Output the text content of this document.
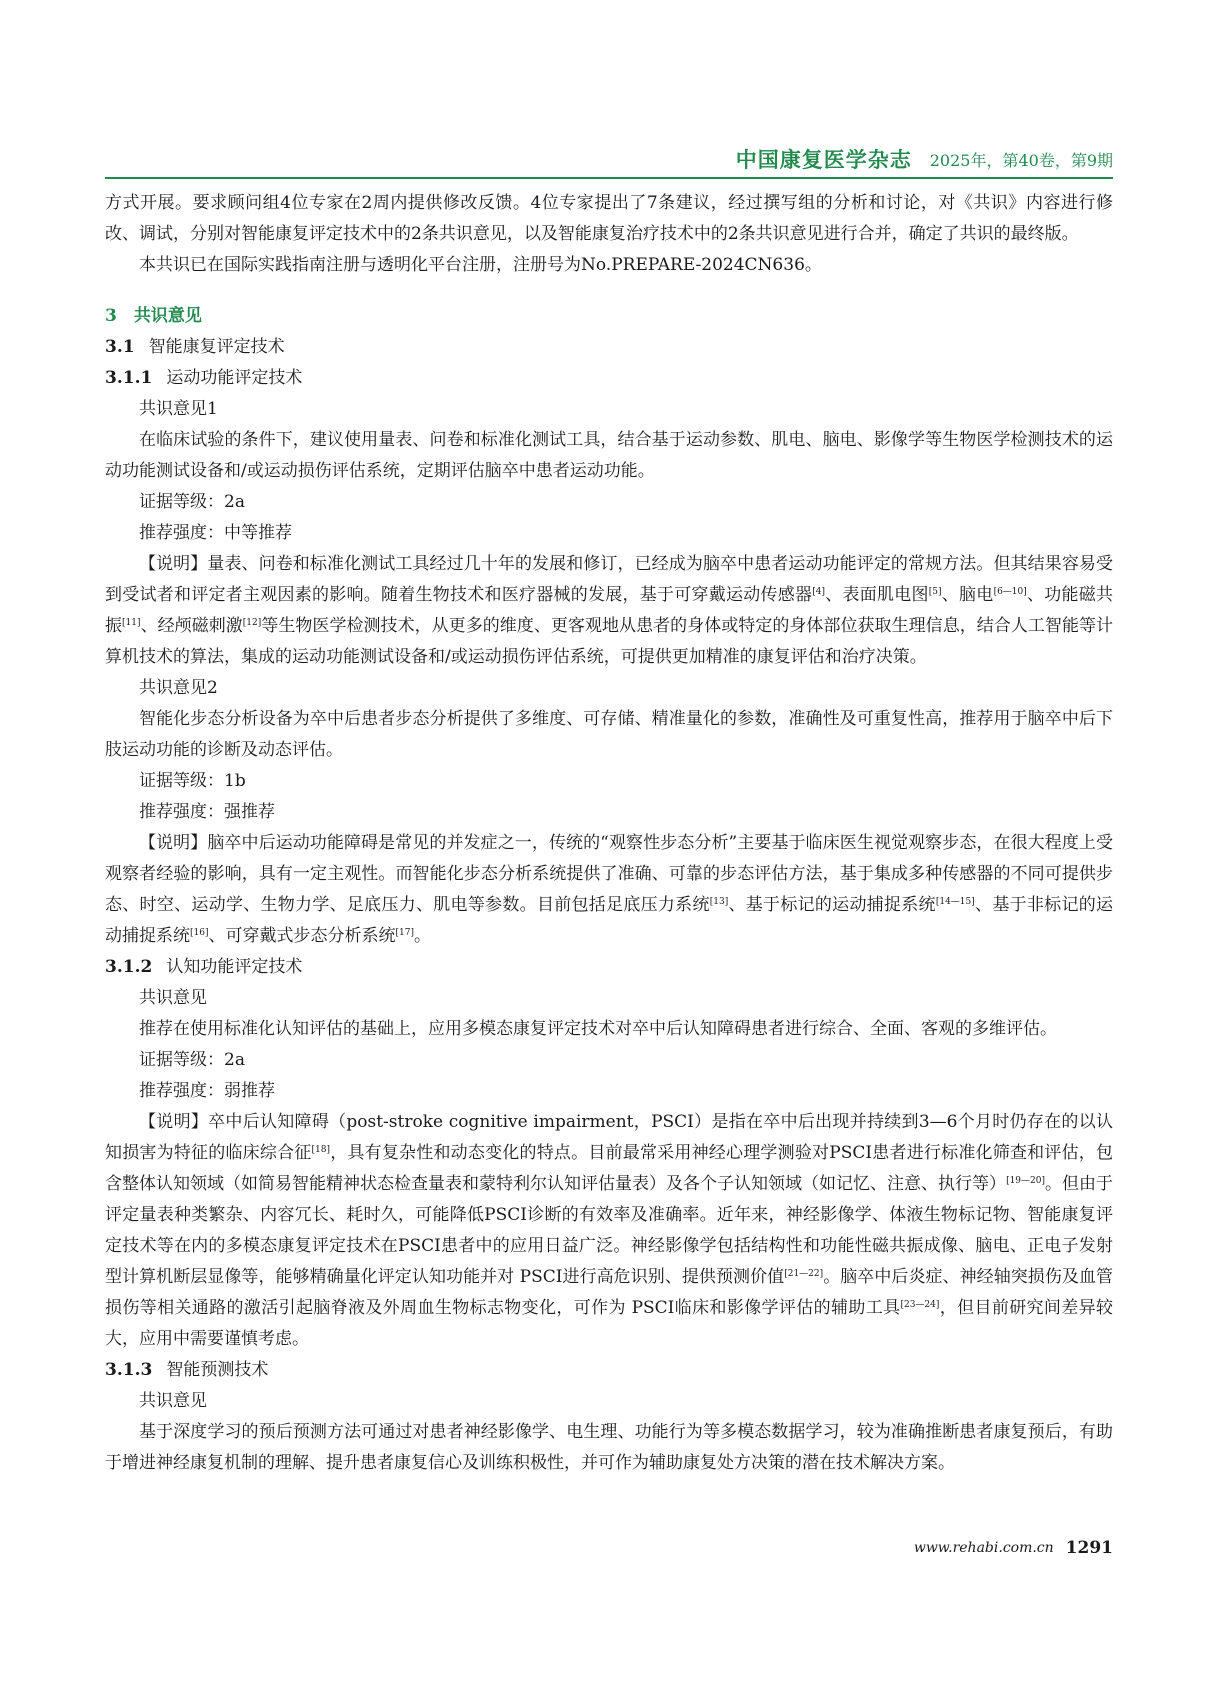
中国康复医学杂志 2025年，第40卷，第9期

方式开展。要求顾问组4位专家在2周内提供修改反馈。4位专家提出了7条建议，经过撰写组的分析和讨论，对《共识》内容进行修改、调试，分别对智能康复评定技术中的2条共识意见，以及智能康复治疗技术中的2条共识意见进行合并，确定了共识的最终版。

本共识已在国际实践指南注册与透明化平台注册，注册号为No.PREPARE-2024CN636。

3　共识意见

3.1 智能康复评定技术

3.1.1 运动功能评定技术

共识意见1

在临床试验的条件下，建议使用量表、问卷和标准化测试工具，结合基于运动参数、肌电、脑电、影像学等生物医学检测技术的运动功能测试设备和/或运动损伤评估系统，定期评估脑卒中患者运动功能。

证据等级：2a

推荐强度：中等推荐

【说明】量表、问卷和标准化测试工具经过几十年的发展和修订，已经成为脑卒中患者运动功能评定的常规方法。但其结果容易受到受试者和评定者主观因素的影响。随着生物技术和医疗器械的发展，基于可穿戴运动传感器[4]、表面肌电图[5]、脑电[6—10]、功能磁共振[11]、经颅磁刺激[12]等生物医学检测技术，从更多的维度、更客观地从患者的身体或特定的身体部位获取生理信息，结合人工智能等计算机技术的算法，集成的运动功能测试设备和/或运动损伤评估系统，可提供更加精准的康复评估和治疗决策。

共识意见2

智能化步态分析设备为卒中后患者步态分析提供了多维度、可存储、精准量化的参数，准确性及可重复性高，推荐用于脑卒中后下肢运动功能的诊断及动态评估。

证据等级：1b

推荐强度：强推荐

【说明】脑卒中后运动功能障碍是常见的并发症之一，传统的“观察性步态分析”主要基于临床医生视觉观察步态，在很大程度上受观察者经验的影响，具有一定主观性。而智能化步态分析系统提供了准确、可靠的步态评估方法，基于集成多种传感器的不同可提供步态、时空、运动学、生物力学、足底压力、肌电等参数。目前包括足底压力系统[13]、基于标记的运动捕捉系统[14—15]、基于非标记的运动捕捉系统[16]、可穿戴式步态分析系统[17]。

3.1.2 认知功能评定技术

共识意见

推荐在使用标准化认知评估的基础上，应用多模态康复评定技术对卒中后认知障碍患者进行综合、全面、客观的多维评估。

证据等级：2a

推荐强度：弱推荐

【说明】卒中后认知障碍（post-stroke cognitive impairment，PSCI）是指在卒中后出现并持续到3—6个月时仍存在的以认知损害为特征的临床综合征[18]，具有复杂性和动态变化的特点。目前最常采用神经心理学测验对PSCI患者进行标准化筛查和评估，包含整体认知领域（如简易智能精神状态检查量表和蒙特利尔认知评估量表）及各个子认知领域（如记忆、注意、执行等）[19—20]。但由于评定量表种类繁杂、内容冗长、耗时久，可能降低PSCI诊断的有效率及准确率。近年来，神经影像学、体液生物标记物、智能康复评定技术等在内的多模态康复评定技术在PSCI患者中的应用日益广泛。神经影像学包括结构性和功能性磁共振成像、脑电、正电子发射型计算机断层显像等，能够精确量化评定认知功能并对 PSCI进行高危识别、提供预测价值[21—22]。脑卒中后炎症、神经轴突损伤及血管损伤等相关通路的激活引起脑脊液及外周血生物标志物变化，可作为 PSCI临床和影像学评估的辅助工具[23—24]，但目前研究间差异较大，应用中需要谨慎考虑。

3.1.3 智能预测技术

共识意见

基于深度学习的预后预测方法可通过对患者神经影像学、电生理、功能行为等多模态数据学习，较为准确推断患者康复预后，有助于增进神经康复机制的理解、提升患者康复信心及训练积极性，并可作为辅助康复处方决策的潜在技术解决方案。

www.rehabi.com.cn 1291
